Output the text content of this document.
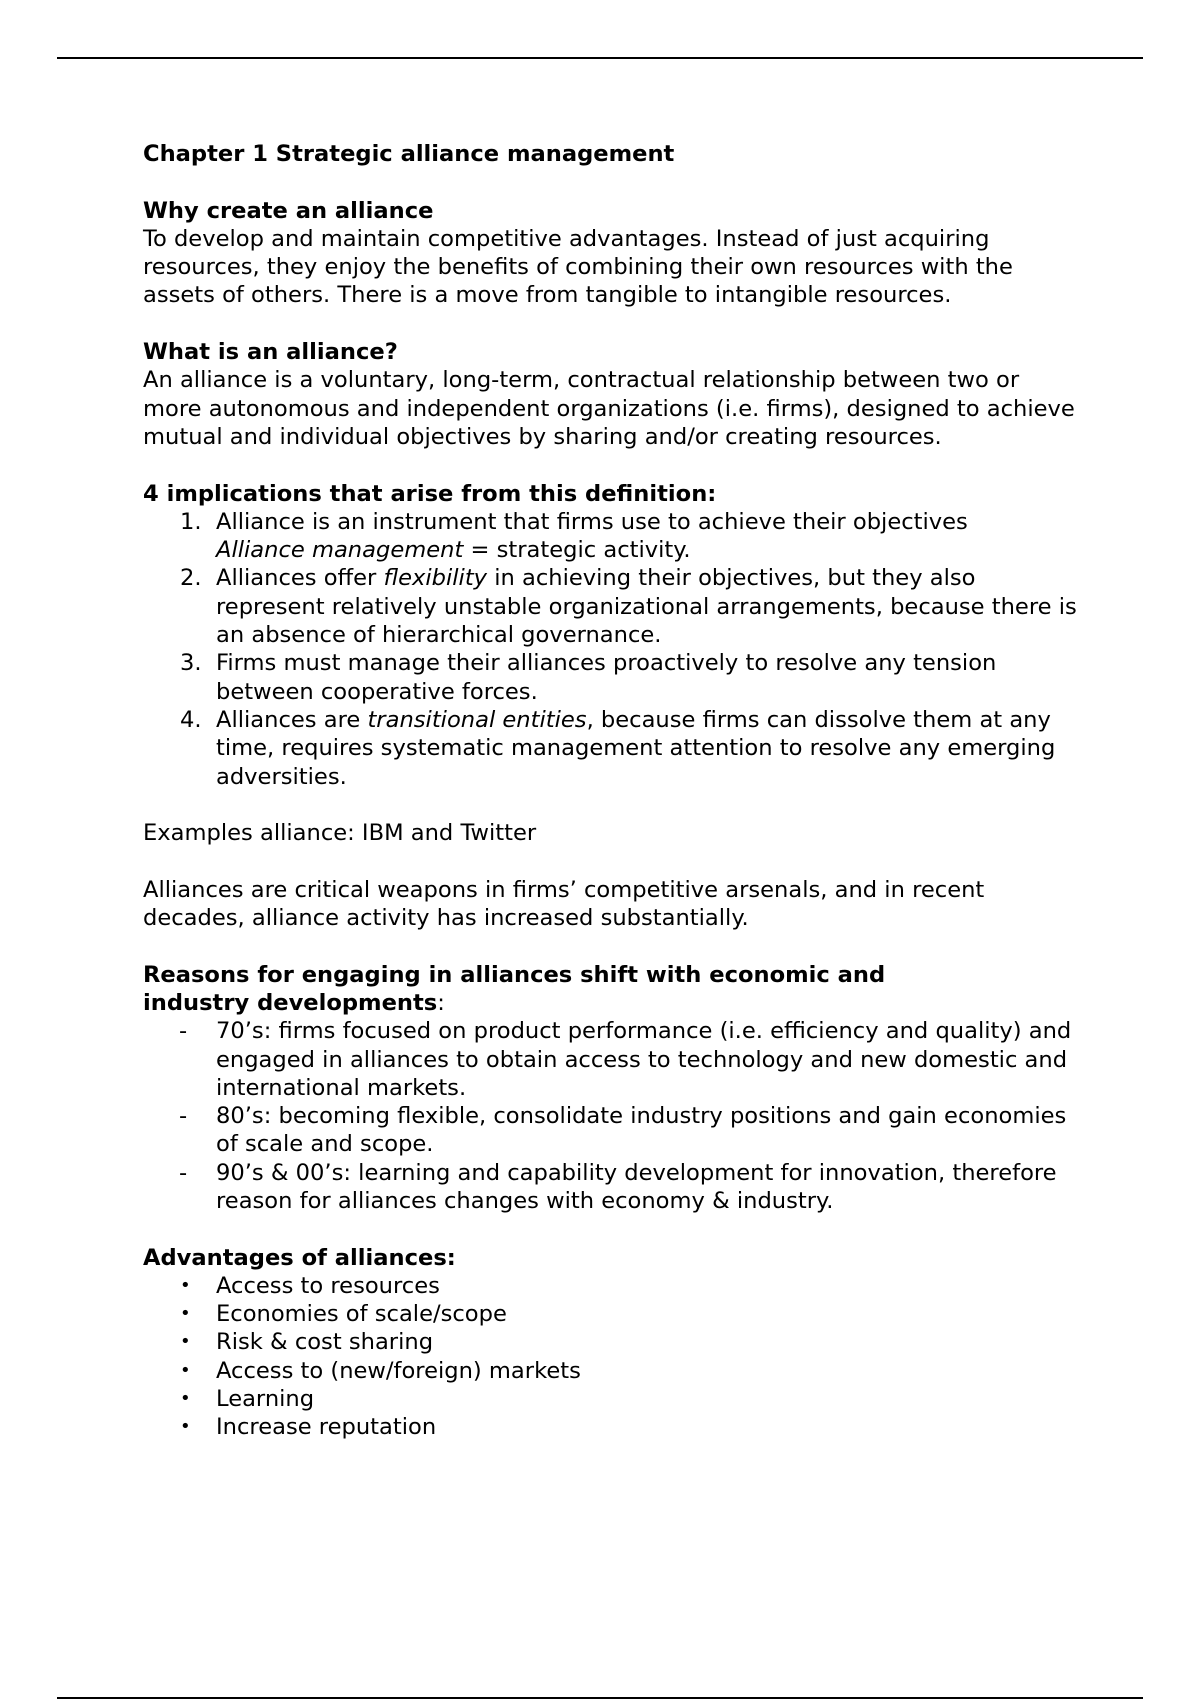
Chapter 1 Strategic alliance management

Why create an alliance

To develop and maintain competitive advantages. Instead of just acquiring resources, they enjoy the benefits of combining their own resources with the assets of others. There is a move from tangible to intangible resources.

What is an alliance?

An alliance is a voluntary, long-term, contractual relationship between two or more autonomous and independent organizations (i.e. firms), designed to achieve mutual and individual objectives by sharing and/or creating resources.

4 implications that arise from this definition:

1. Alliance is an instrument that firms use to achieve their objectives
Alliance management = strategic activity.
2. Alliances offer flexibility in achieving their objectives, but they also represent relatively unstable organizational arrangements, because there is an absence of hierarchical governance.
3. Firms must manage their alliances proactively to resolve any tension between cooperative forces.
4. Alliances are transitional entities, because firms can dissolve them at any time, requires systematic management attention to resolve any emerging adversities.

Examples alliance: IBM and Twitter

Alliances are critical weapons in firms’ competitive arsenals, and in recent decades, alliance activity has increased substantially.

Reasons for engaging in alliances shift with economic and
industry developments:

- 70’s: firms focused on product performance (i.e. efficiency and quality) and engaged in alliances to obtain access to technology and new domestic and international markets.
- 80’s: becoming flexible, consolidate industry positions and gain economies of scale and scope.
- 90’s & 00’s: learning and capability development for innovation, therefore reason for alliances changes with economy & industry.

Advantages of alliances:

• Access to resources
• Economies of scale/scope
• Risk & cost sharing
• Access to (new/foreign) markets
• Learning
• Increase reputation
